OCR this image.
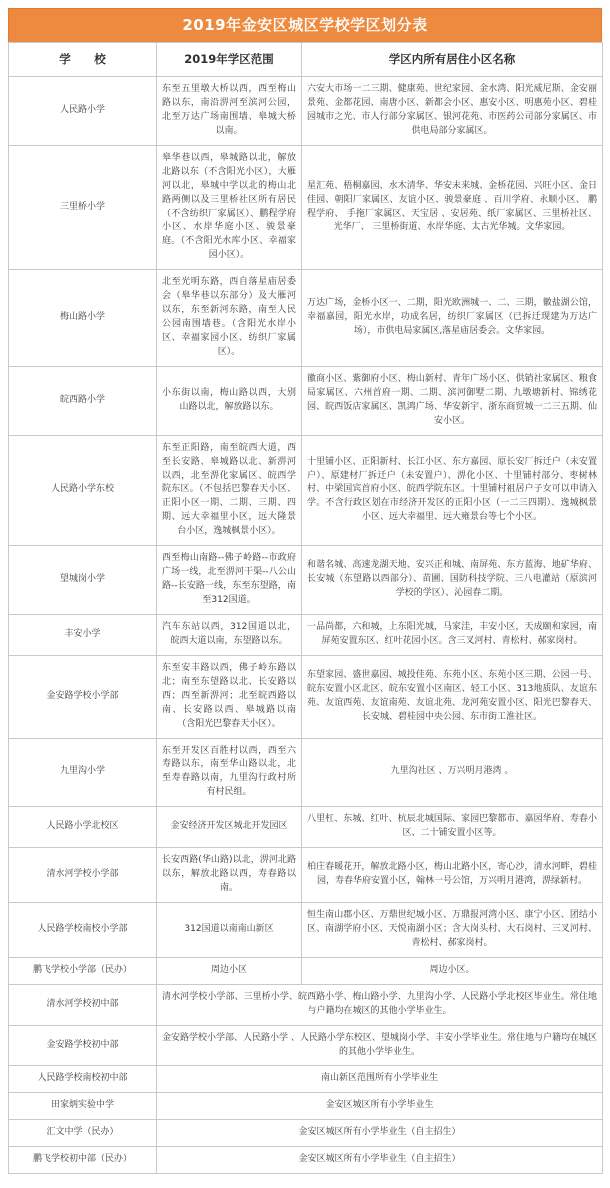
2019年金安区城区学校学区划分表
学　校	2019年学区范围	学区内所有居住小区名称
人民路小学	东至五里墩大桥以西，西至梅山路以东，南沿淠河至滨河公园，北至万达广场南围墙、皋城大桥以南。	六安大市场一二三期、健康苑、世纪家园、金水湾、阳光威尼斯、金安丽景苑、金都花园、南唐小区、新都会小区、惠安小区、明惠苑小区、碧桂园城市之光、市人行部分家属区、银河花苑、市医药公司部分家属区、市供电局部分家属区。
三里桥小学	皋华巷以西，皋城路以北，解放北路以东（不含阳光小区），大雁河以北，皋城中学以北的梅山北路两侧以及三里桥社区所有居民（不含纺织厂家属区）、鹏程学府小区、水岸华庭小区、骏景豪庭。（不含阳光水库小区、幸福家园小区）。	星汇苑、梧桐嘉园、水木清华、华安未来城、金桥花园、兴旺小区、金日佳园、朝阳厂家属区、友谊小区、骏景豪庭 、百川学府、永顺小区、 鹏程学府、 手拖厂家属区、天宝居 、安居苑、纸厂家属区、三里桥社区、 光华厂、 三里桥街道、水岸华庭、太古光华城。文华家园。
梅山路小学	北至光明东路，西自落星庙居委会（皋华巷以东部分）及大雁河以东，东至新河东路，南至人民公园南围墙巷。（含阳光水岸小区、幸福家园小区、纺织厂家属区）。	万达广场，金桥小区一、二期，阳光欧洲城一、二、三期，徽盐湖公馆，幸福嘉园，阳光水岸，功成名居，纺织厂家属区（已拆迁现建为万达广场），市供电局家属区,落星庙居委会。文华家园。
皖西路小学	小东街以南，梅山路以西，大别山路以北，解放路以东。	徽商小区、紫御府小区、梅山新村、青年广场小区、供销社家属区、粮食局家属区、六州首府一期、二期、滨河御墅二期、九墩塘新村、锦绣花园、皖西饭店家属区、凯鸿广场、华安新宇、浙东商贸城一二三五期、仙安小区。
人民路小学东校	东至正阳路，南至皖西大道，西至长安路、皋城路以北、新淠河以西，北至淠化家属区、皖西学院东区。（不包括巴黎春天小区、正阳小区一期、二期、三期、四期、远大幸福里小区，远大隆景台小区，逸城枫景小区）。	十里铺小区、正阳新村、长江小区、东方嘉园、原长安厂拆迁户（未安置户）、原建材厂拆迁户（未安置户）、淠化小区、十里铺村部分、枣树林村、中梁国宾首府小区、皖西学院东区。十里铺村祖居户子女可以申请入学。不含行政区划在市经济开发区的正阳小区（一二三四期）、逸城枫景小区、远大幸福里、远大雍景台等七个小区。
望城岗小学	西至梅山南路--佛子岭路--市政府广场一线，北至淠河干渠--八公山路--长安路一线，东至东望路，南至312国道。	和谐名城、高速龙湖天地、安兴正和城、南屏苑、东方蓝海、地矿华府、长安城（东望路以西部分）、苗圃、国防科技学院、三八电灌站（原滨河学校的学区）、沁园春二期。
丰安小学	汽车东站以西，312国道以北，皖西大道以南，东望路以东。	一品尚都，六和城，上东阳光城，马家洼，丰安小区，天成颐和家园，南屏苑安置东区、红叶花园小区。含三叉河村、青松村、郝家岗村。
金安路学校小学部	东至安丰路以西，佛子岭东路以北；南至东望路以北、长安路以西；西至新淠河；北至皖西路以南、长安路以西、皋城路以南（含阳光巴黎春天小区）。	东望家园、盛世嘉园、城投佳苑、东苑小区、东苑小区三期、公园一号、皖东安置小区北区、皖东安置小区南区、轻工小区、313地质队、友谊东苑、友谊西苑、友谊南苑、友谊北苑、龙河苑安置小区、阳光巴黎春天、长安城、碧桂园中央公园、东市街工淮社区。
九里沟小学	东至开发区百胜村以西，西至六寿路以东，南至华山路以北，北至寿春路以南，九里沟行政村所有村民组。	九里沟社区 、万兴明月港湾 。
人民路小学北校区	金安经济开发区城北开发园区	八里杠、东城、红叶、杭辰北城国际、家园巴黎都市、嘉园华府、寿春小区、二十铺安置小区等。
清水河学校小学部	长安西路(华山路)以北，淠河北路以东，解放北路以西，寿春路以南。	柏庄春暖花开，解放北路小区，梅山北路小区，寄心沙，清水河畔，碧桂园，寿春华府安置小区，翰林一号公馆，万兴明月港湾，淠绿新村。
人民路学校南校小学部	312国道以南南山新区	恒生南山郡小区、万鼎世纪城小区、万鼎报河湾小区、康宁小区、团结小区、南湖学府小区、天悦南湖小区；含大岗头村、大石岗村、三叉河村、青松村、郝家岗村。
鹏飞学校小学部（民办）	周边小区	周边小区。
清水河学校初中部	清水河学校小学部、三里桥小学、皖西路小学、梅山路小学、九里沟小学、人民路小学北校区毕业生。常住地与户籍均在城区的其他小学毕业生。	
金安路学校初中部	金安路学校小学部、人民路小学 、人民路小学东校区、望城岗小学、丰安小学毕业生。常住地与户籍均在城区的其他小学毕业生。	
人民路学校南校初中部	南山新区范围所有小学毕业生	
田家炳实验中学	金安区城区所有小学毕业生	
汇文中学（民办）	金安区城区所有小学毕业生（自主招生）	
鹏飞学校初中部（民办）	金安区城区所有小学毕业生（自主招生）	
